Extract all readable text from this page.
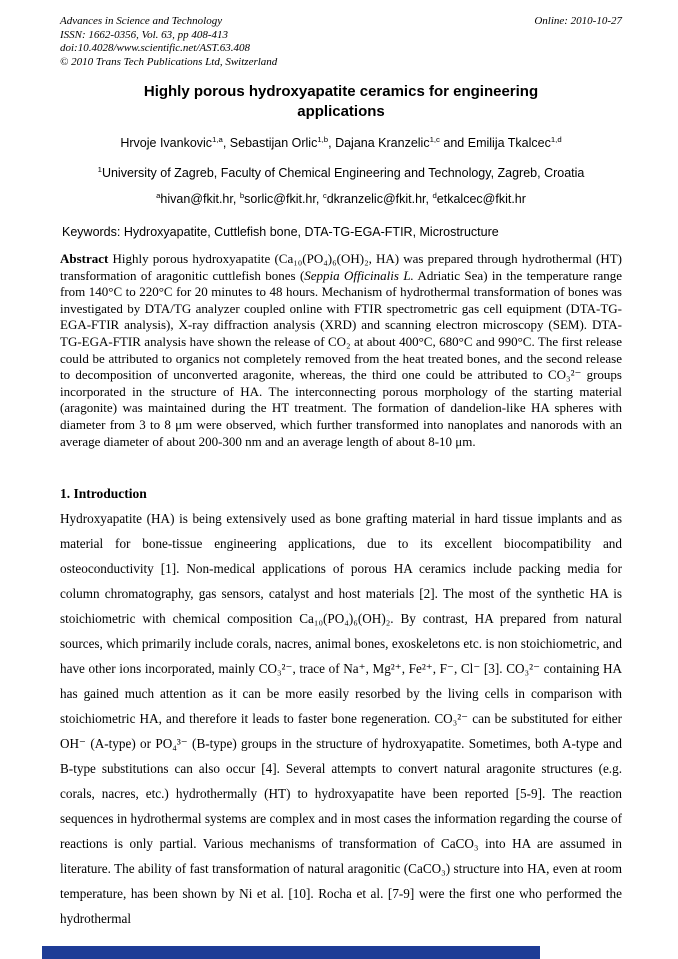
Advances in Science and Technology
ISSN: 1662-0356, Vol. 63, pp 408-413
doi:10.4028/www.scientific.net/AST.63.408
© 2010 Trans Tech Publications Ltd, Switzerland
Online: 2010-10-27
Highly porous hydroxyapatite ceramics for engineering applications
Hrvoje Ivankovic$^{1,a}$, Sebastijan Orlic$^{1,b}$, Dajana Kranzelic$^{1,c}$ and Emilija Tkalcec$^{1,d}$
$^1$University of Zagreb, Faculty of Chemical Engineering and Technology, Zagreb, Croatia
$^a$hivan@fkit.hr, $^b$sorlic@fkit.hr, $^c$dkranzelic@fkit.hr, $^d$etkalcec@fkit.hr
Keywords: Hydroxyapatite, Cuttlefish bone, DTA-TG-EGA-FTIR, Microstructure
Abstract Highly porous hydroxyapatite (Ca₁₀(PO₄)₆(OH)₂, HA) was prepared through hydrothermal (HT) transformation of aragonitic cuttlefish bones (Seppia Officinalis L. Adriatic Sea) in the temperature range from 140°C to 220°C for 20 minutes to 48 hours. Mechanism of hydrothermal transformation of bones was investigated by DTA/TG analyzer coupled online with FTIR spectrometric gas cell equipment (DTA-TG-EGA-FTIR analysis), X-ray diffraction analysis (XRD) and scanning electron microscopy (SEM). DTA-TG-EGA-FTIR analysis have shown the release of CO₂ at about 400°C, 680°C and 990°C. The first release could be attributed to organics not completely removed from the heat treated bones, and the second release to decomposition of unconverted aragonite, whereas, the third one could be attributed to CO₃²⁻ groups incorporated in the structure of HA. The interconnecting porous morphology of the starting material (aragonite) was maintained during the HT treatment. The formation of dandelion-like HA spheres with diameter from 3 to 8 μm were observed, which further transformed into nanoplates and nanorods with an average diameter of about 200-300 nm and an average length of about 8-10 μm.
1. Introduction
Hydroxyapatite (HA) is being extensively used as bone grafting material in hard tissue implants and as material for bone-tissue engineering applications, due to its excellent biocompatibility and osteoconductivity [1]. Non-medical applications of porous HA ceramics include packing media for column chromatography, gas sensors, catalyst and host materials [2]. The most of the synthetic HA is stoichiometric with chemical composition Ca₁₀(PO₄)₆(OH)₂. By contrast, HA prepared from natural sources, which primarily include corals, nacres, animal bones, exoskeletons etc. is non stoichiometric, and have other ions incorporated, mainly CO₃²⁻, trace of Na⁺, Mg²⁺, Fe²⁺, F⁻, Cl⁻ [3]. CO₃²⁻ containing HA has gained much attention as it can be more easily resorbed by the living cells in comparison with stoichiometric HA, and therefore it leads to faster bone regeneration. CO₃²⁻ can be substituted for either OH⁻ (A-type) or PO₄³⁻ (B-type) groups in the structure of hydroxyapatite. Sometimes, both A-type and B-type substitutions can also occur [4]. Several attempts to convert natural aragonite structures (e.g. corals, nacres, etc.) hydrothermally (HT) to hydroxyapatite have been reported [5-9]. The reaction sequences in hydrothermal systems are complex and in most cases the information regarding the course of reactions is only partial. Various mechanisms of transformation of CaCO₃ into HA are assumed in literature. The ability of fast transformation of natural aragonitic (CaCO₃) structure into HA, even at room temperature, has been shown by Ni et al. [10]. Rocha et al. [7-9] were the first one who performed the hydrothermal
